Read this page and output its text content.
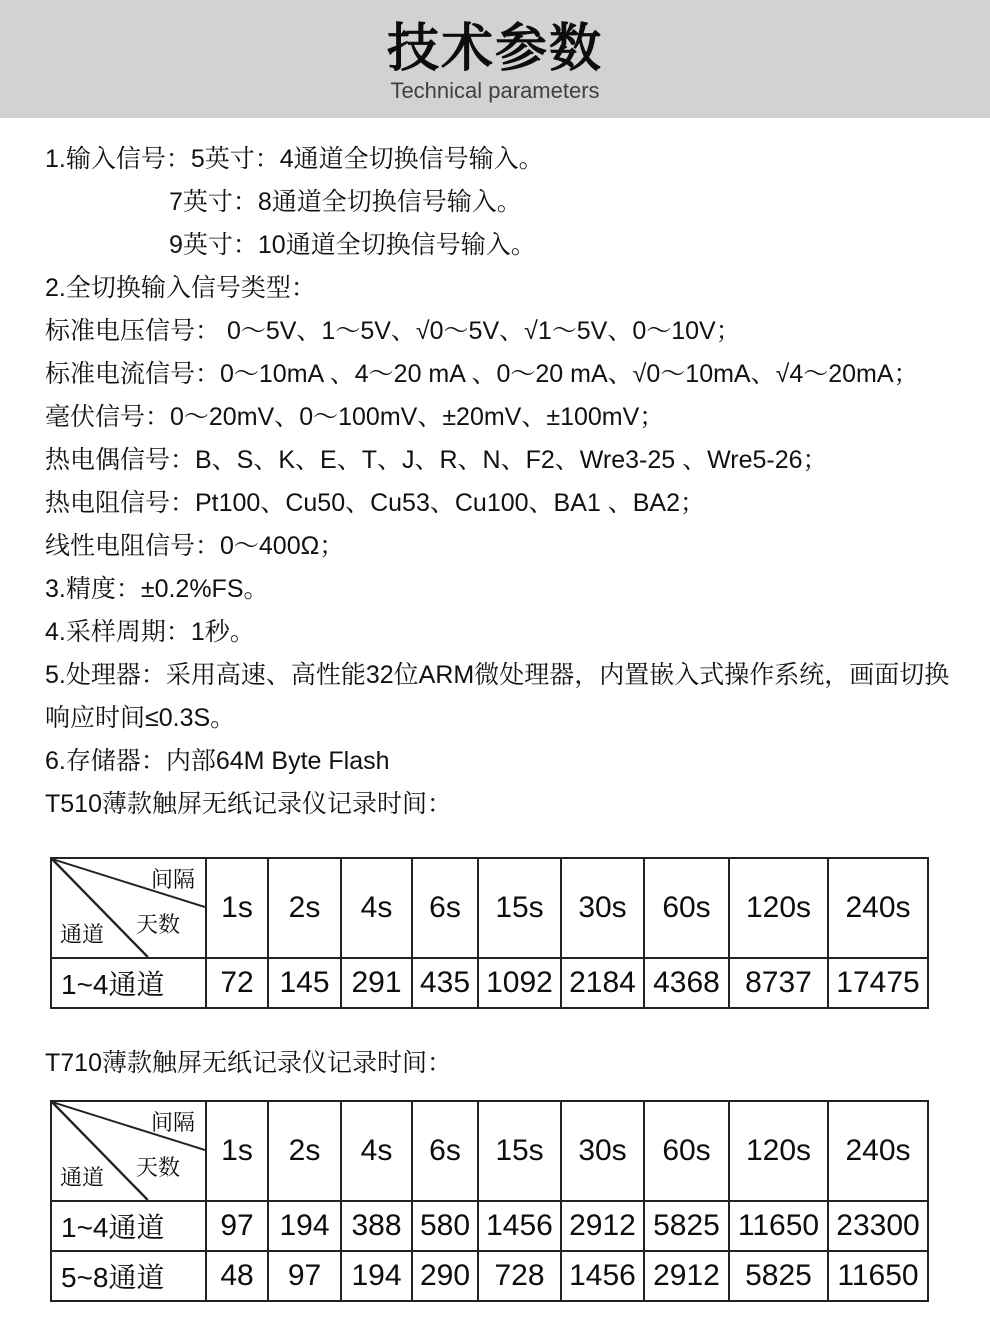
技术参数
Technical parameters
1.输入信号：5英寸：4通道全切换信号输入。
7英寸：8通道全切换信号输入。
9英寸：10通道全切换信号输入。
2.全切换输入信号类型：
标准电压信号： 0～5V、1～5V、√0～5V、√1～5V、0～10V；
标准电流信号：0～10mA 、4～20 mA 、0～20 mA、√0～10mA、√4～20mA；
毫伏信号：0～20mV、0～100mV、±20mV、±100mV；
热电偶信号：B、S、K、E、T、J、R、N、F2、Wre3-25 、Wre5-26；
热电阻信号：Pt100、Cu50、Cu53、Cu100、BA1 、BA2；
线性电阻信号：0～400Ω；
3.精度：±0.2%FS。
4.采样周期：1秒。
5.处理器：采用高速、高性能32位ARM微处理器，内置嵌入式操作系统，画面切换
响应时间≤0.3S。
6.存储器：内部64M Byte Flash
T510薄款触屏无纸记录仪记录时间：
间隔
天数
通道	1s	2s	4s	6s	15s	30s	60s	120s	240s
1~4通道	72	145	291	435	1092	2184	4368	8737	17475
T710薄款触屏无纸记录仪记录时间：
间隔
天数
通道	1s	2s	4s	6s	15s	30s	60s	120s	240s
1~4通道	97	194	388	580	1456	2912	5825	11650	23300
5~8通道	48	97	194	290	728	1456	2912	5825	11650
